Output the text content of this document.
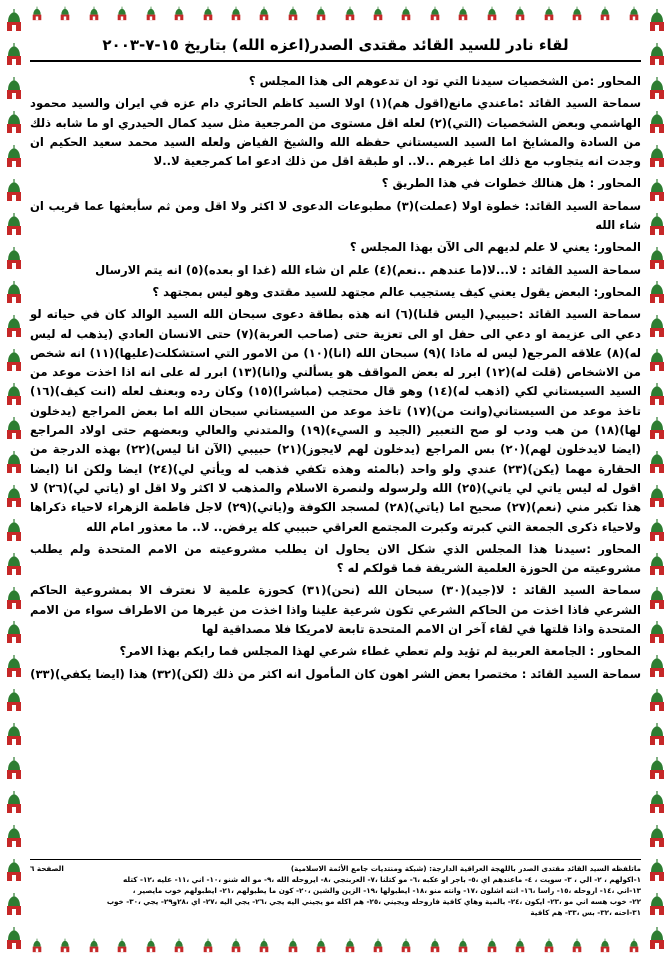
لقاء نادر للسيد القائد مقتدى الصدر(اعزه الله) بتاريخ ١٥-٧-٢٠٠٣

المحاور :من الشخصيات سيدنا التي تود ان تدعوهم الى هذا المجلس ؟

سماحة السيد القائد :ماعندي مانع(اقول هم)(١) اولا السيد كاظم الحائري دام عزه في ايران والسيد محمود الهاشمي وبعض الشخصيات (التي)(٢) لعله اقل مستوى من المرجعية مثل سيد كمال الحيدري او ما شابه ذلك من السادة والمشايخ اما السيد السيستاني حفظه الله والشيخ الفياض ولعله السيد محمد سعيد الحكيم ان وجدت انه يتجاوب مع ذلك اما غيرهم ..لا.. او طبقة اقل من ذلك ادعو اما كمرجعية لا..لا

المحاور : هل هنالك خطوات في هذا الطريق ؟

سماحة السيد القائد: خطوة اولا (عملت)(٣) مطبوعات الدعوى لا اكثر ولا اقل ومن ثم سأبعثها عما قريب ان شاء الله

المحاور: يعني لا علم لديهم الى الآن بهذا المجلس ؟

سماحة السيد القائد : لا...لا(ما عندهم ..نعم)(٤) علم ان شاء الله (غدا او بعده)(٥) انه يتم الارسال

المحاور: البعض يقول يعني كيف يستجيب عالم مجتهد للسيد مقتدى وهو ليس بمجتهد ؟

سماحة السيد القائد :حبيبي( اليس قلنا)(٦) انه هذه بطاقة دعوى سبحان الله السيد الوالد كان في حياته لو دعي الى عزيمة او دعي الى حفل او الى تعزية حتى (صاحب العربة)(٧) حتى الانسان العادي (يذهب له ليس له)(٨) علاقه المرجع( ليس له ماذا )(٩) سبحان الله (انا)(١٠) من الامور التي استشكلت(عليها)(١١) انه شخص من الاشخاص (قلت له)(١٢) ابرر له بعض المواقف هو يسألني و(انا)(١٣) ابرر له على انه اذا اخذت موعد من السيد السيستاني لكي (اذهب له)(١٤) وهو قال محتجب (مباشرا)(١٥) وكان رده وبعنف لعله (انت كيف)(١٦) تاخذ موعد من السيستاني(وانت من)(١٧) تاخذ موعد من السيستاني سبحان الله اما بعض المراجع (يدخلون لها)(١٨) من هب ودب لو صح التعبير (الجيد و السيء)(١٩) والمتدني والعالي وبعضهم حتى اولاد المراجع (ايضا لايدخلون لهم)(٢٠) بس المراجع (يدخلون لهم لايجوز)(٢١) حبيبي (الآن انا ليس)(٢٢) بهذه الدرجة من الحقارة مهما (يكن)(٢٣) عندي ولو واحد (بالمئه وهذه تكفي فذهب له ويأتي لي)(٢٤) ايضا ولكن انا (ايضا اقول له ليس ياتي لي ياتي)(٢٥) الله ولرسوله ولنصرة الاسلام والمذهب لا اكثر ولا اقل او (ياتي لي)(٢٦) لا هذا تكبر مني (نعم)(٢٧) صحيح اما (ياتي)(٢٨) لمسجد الكوفة و(ياتي)(٢٩) لاجل فاطمة الزهراء لاحياء ذكراها ولاحياء ذكرى الجمعة التي كبرته وكبرت المجتمع العراقي حبيبي كله يرفض.. لا.. ما معذور امام الله

المحاور :سيدنا هذا المجلس الذي شكل الان يحاول ان يطلب مشروعيته من الامم المتحدة ولم يطلب مشروعيته من الحوزة العلمية الشريفة فما قولكم له ؟

سماحة السيد القائد : لا(جيد)(٣٠) سبحان الله (نحن)(٣١) كحوزة علمية لا نعترف الا بمشروعية الحاكم الشرعي فاذا اخذت من الحاكم الشرعي تكون شرعية علينا واذا اخذت من غيرها من الاطراف سواء من الامم المتحدة واذا قلتها في لقاء آخر ان الامم المتحدة تابعة لامريكا فلا مصداقية لها

المحاور : الجامعة العربية لم تؤيد ولم تعطي غطاء شرعي لهذا المجلس فما رايكم بهذا الامر؟

سماحة السيد القائد : مختصرا بعض الشر اهون كان المأمول انه اكثر من ذلك (لكن)(٣٢) هذا (ايضا يكفي)(٣٣)

ماتلفظه السيد القائد مقتدى الصدر باللهجة العراقية الدارجة: (شبكة ومنتديات جامع الأئمة الاسلامية)
الصفحة ٦

١-اكولهم ، ٢- الي ، ٣- سويت ، ٤- ماعندهم اي ،٥- باجر او عكبه ،٦- مو كتلنا ،٧- العربنجي ،٨- ايروحله الله ،٩- مو اله شنو ،١٠- اني ،١١- عليه ،١٢- كتله

١٣-اني ،١٤- اروحله ،١٥- راسا ،١٦- انته اشلون ،١٧- وانته منو ،١٨- ايطبولها ،١٩- الزين والشين ،٢٠- كون ما يطبولهم ،٢١- ايطبولهم خوب مايصير ،

٢٢- خوب هسه اني مو ،٢٣- ايكون ،٢٤- بالمية وهاي كافية فاروحله ويجيني ،٢٥- هم اكله مو يجيني اليه يجي ،٢٦- يجي اليه ،٢٧- اي ،٢٨و٢٩- يجي ،٣٠- خوب

٣١-احنه ،٣٢- بس ،٣٣- هم كافية
